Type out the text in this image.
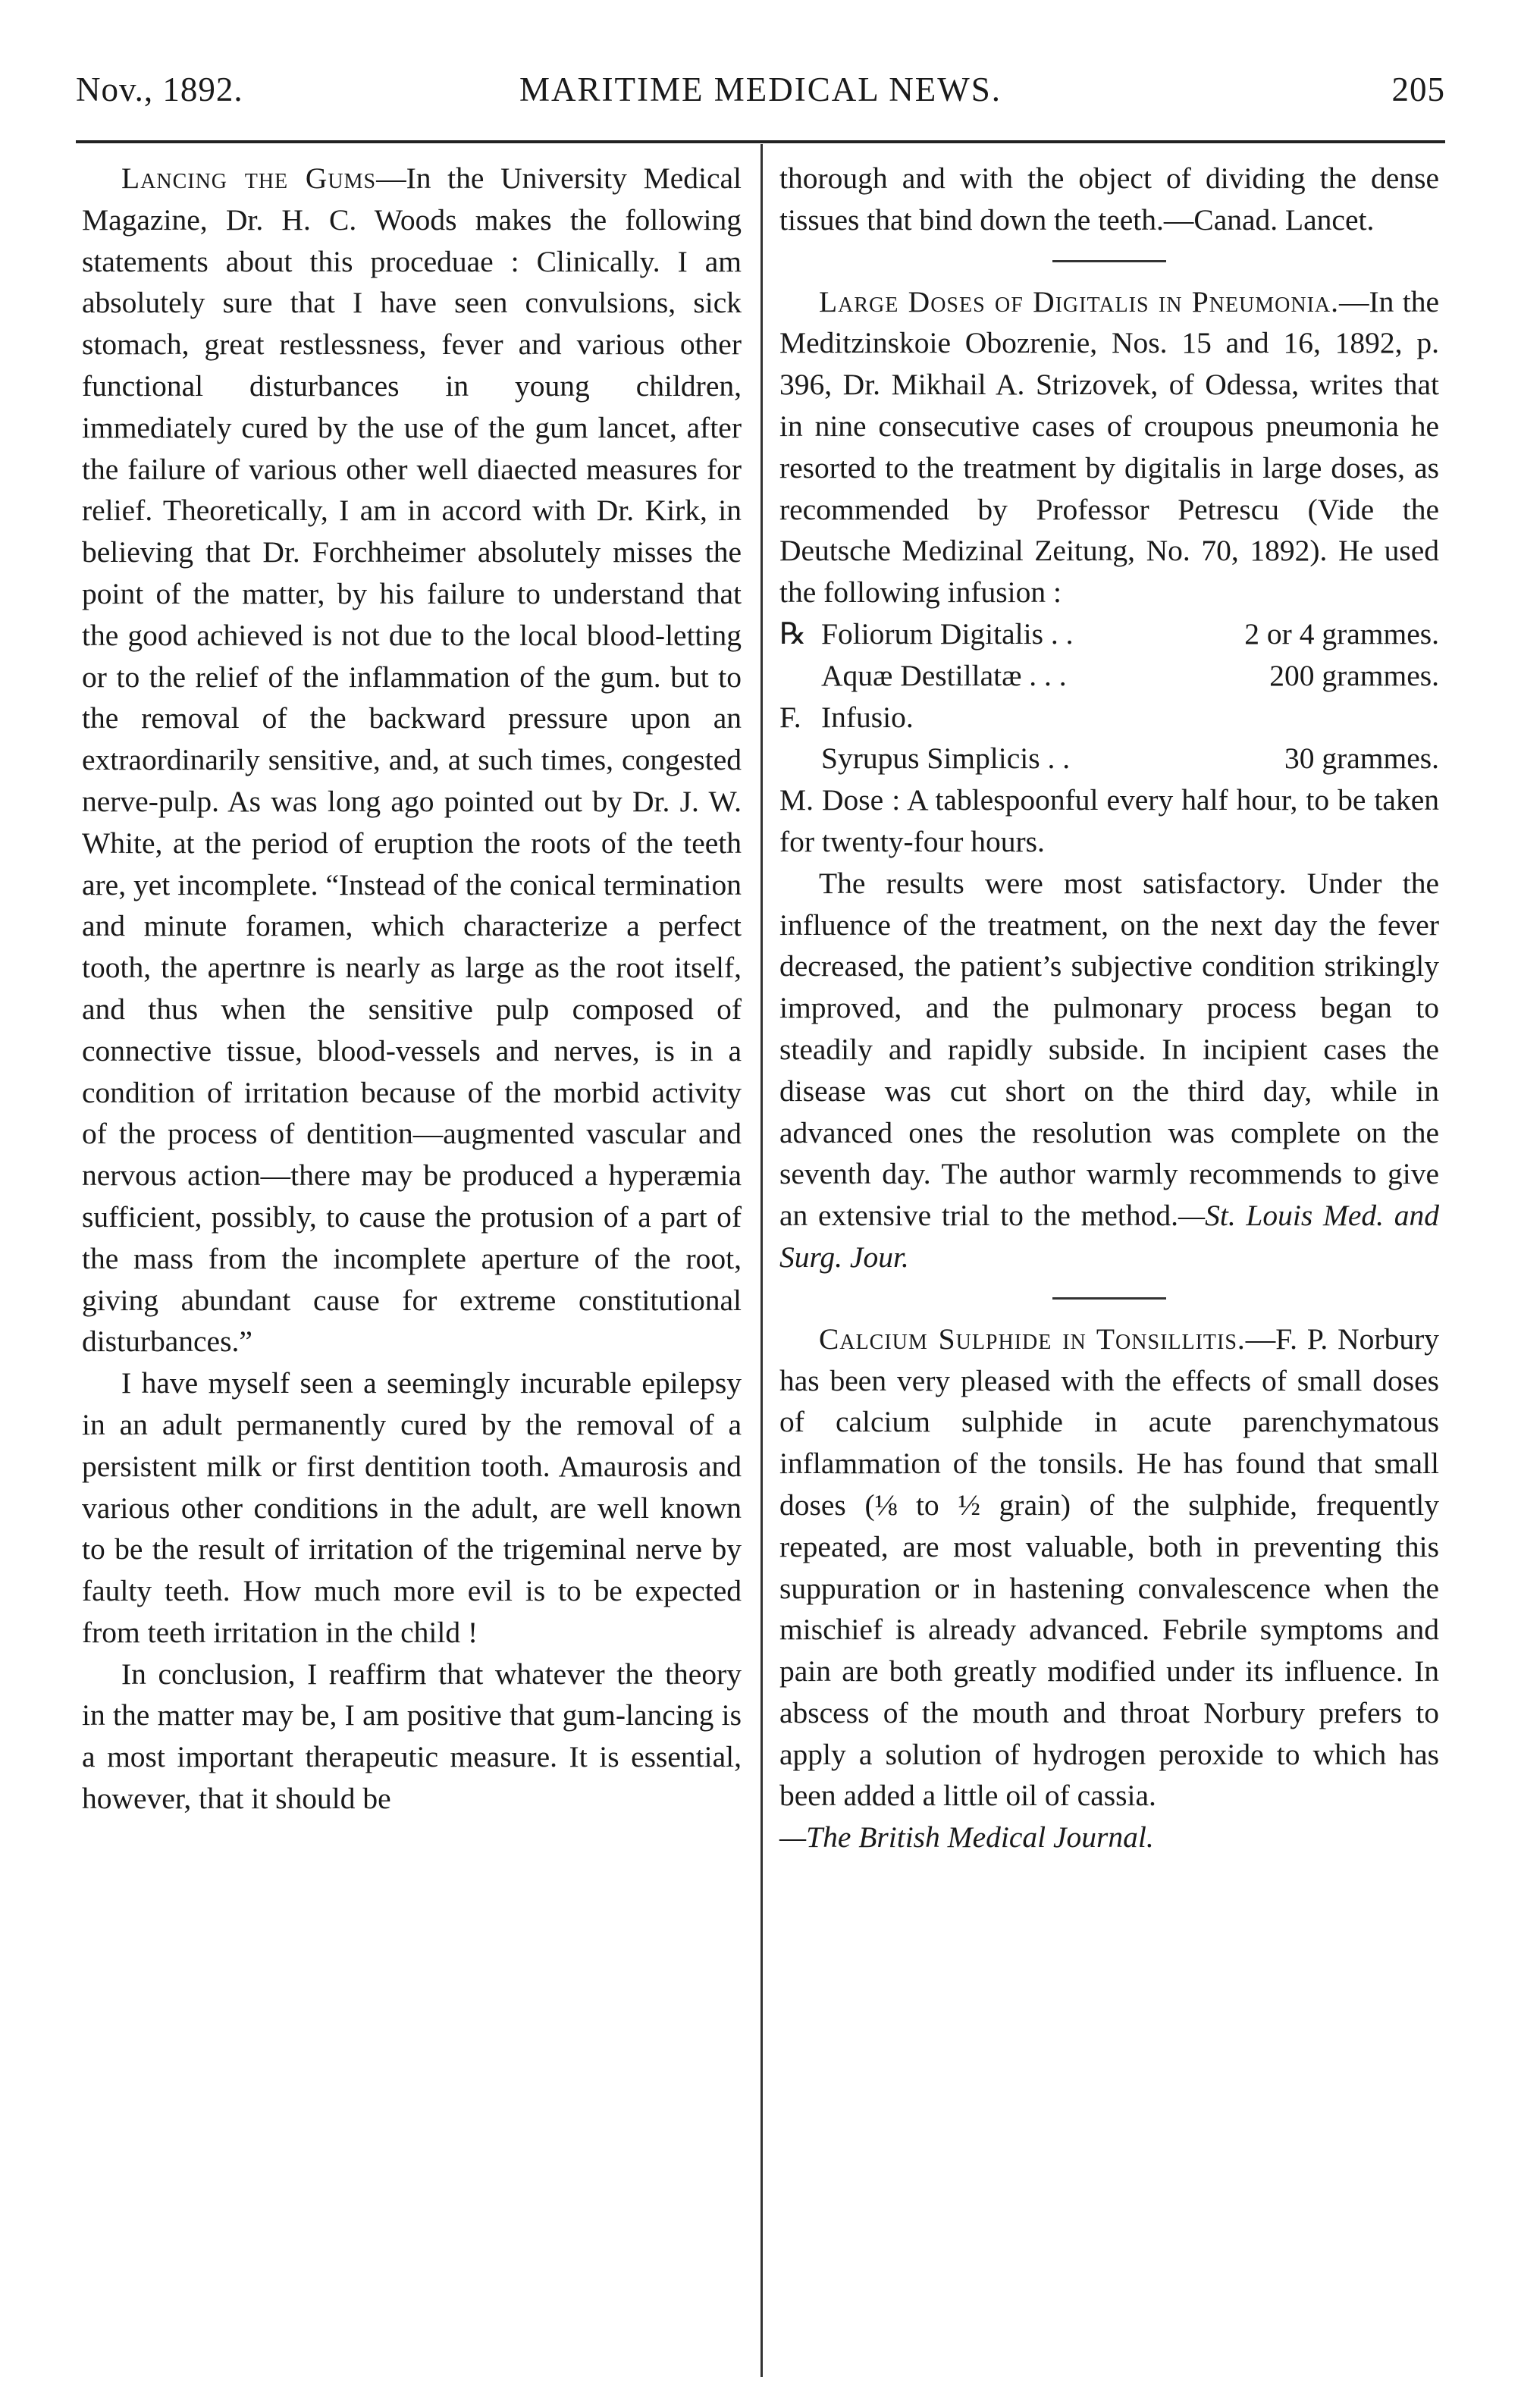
Nov., 1892.	MARITIME MEDICAL NEWS.	205

Lancing the Gums—In the University Medical Magazine, Dr. H. C. Woods makes the following statements about this proceduae : Clinically. I am absolutely sure that I have seen convulsions, sick stomach, great restlessness, fever and various other functional disturbances in young children, immediately cured by the use of the gum lancet, after the failure of various other well diaected measures for relief. Theoretically, I am in accord with Dr. Kirk, in believing that Dr. Forchheimer absolutely misses the point of the matter, by his failure to understand that the good achieved is not due to the local blood-letting or to the relief of the inflammation of the gum. but to the removal of the backward pressure upon an extraordinarily sensitive, and, at such times, congested nerve-pulp. As was long ago pointed out by Dr. J. W. White, at the period of eruption the roots of the teeth are, yet incomplete. “Instead of the conical termination and minute foramen, which characterize a perfect tooth, the apertnre is nearly as large as the root itself, and thus when the sensitive pulp composed of connective tissue, blood-vessels and nerves, is in a condition of irritation because of the morbid activity of the process of dentition—augmented vascular and nervous action—there may be produced a hyperæmia sufficient, possibly, to cause the protusion of a part of the mass from the incomplete aperture of the root, giving abundant cause for extreme constitutional disturbances.”

I have myself seen a seemingly incurable epilepsy in an adult permanently cured by the removal of a persistent milk or first dentition tooth. Amaurosis and various other conditions in the adult, are well known to be the result of irritation of the trigeminal nerve by faulty teeth. How much more evil is to be expected from teeth irritation in the child !

In conclusion, I reaffirm that whatever the theory in the matter may be, I am positive that gum-lancing is a most important therapeutic measure. It is essential, however, that it should be

thorough and with the object of dividing the dense tissues that bind down the teeth.—Canad. Lancet.

Large Doses of Digitalis in Pneumonia.—In the Meditzinskoie Obozrenie, Nos. 15 and 16, 1892, p. 396, Dr. Mikhail A. Strizovek, of Odessa, writes that in nine consecutive cases of croupous pneumonia he resorted to the treatment by digitalis in large doses, as recommended by Professor Petrescu (Vide the Deutsche Medizinal Zeitung, No. 70, 1892). He used the following infusion :

℞ Foliorum Digitalis . .	2 or 4 grammes.
Aquæ Destillatæ . . .	200 grammes.
F. Infusio.
Syrupus Simplicis . .	30 grammes.

M. Dose : A tablespoonful every half hour, to be taken for twenty-four hours.

The results were most satisfactory. Under the influence of the treatment, on the next day the fever decreased, the patient’s subjective condition strikingly improved, and the pulmonary process began to steadily and rapidly subside. In incipient cases the disease was cut short on the third day, while in advanced ones the resolution was complete on the seventh day. The author warmly recommends to give an extensive trial to the method.—St. Louis Med. and Surg. Jour.

Calcium Sulphide in Tonsillitis.—F. P. Norbury has been very pleased with the effects of small doses of calcium sulphide in acute parenchymatous inflammation of the tonsils. He has found that small doses (⅛ to ½ grain) of the sulphide, frequently repeated, are most valuable, both in preventing this suppuration or in hastening convalescence when the mischief is already advanced. Febrile symptoms and pain are both greatly modified under its influence. In abscess of the mouth and throat Norbury prefers to apply a solution of hydrogen peroxide to which has been added a little oil of cassia.
—The British Medical Journal.
